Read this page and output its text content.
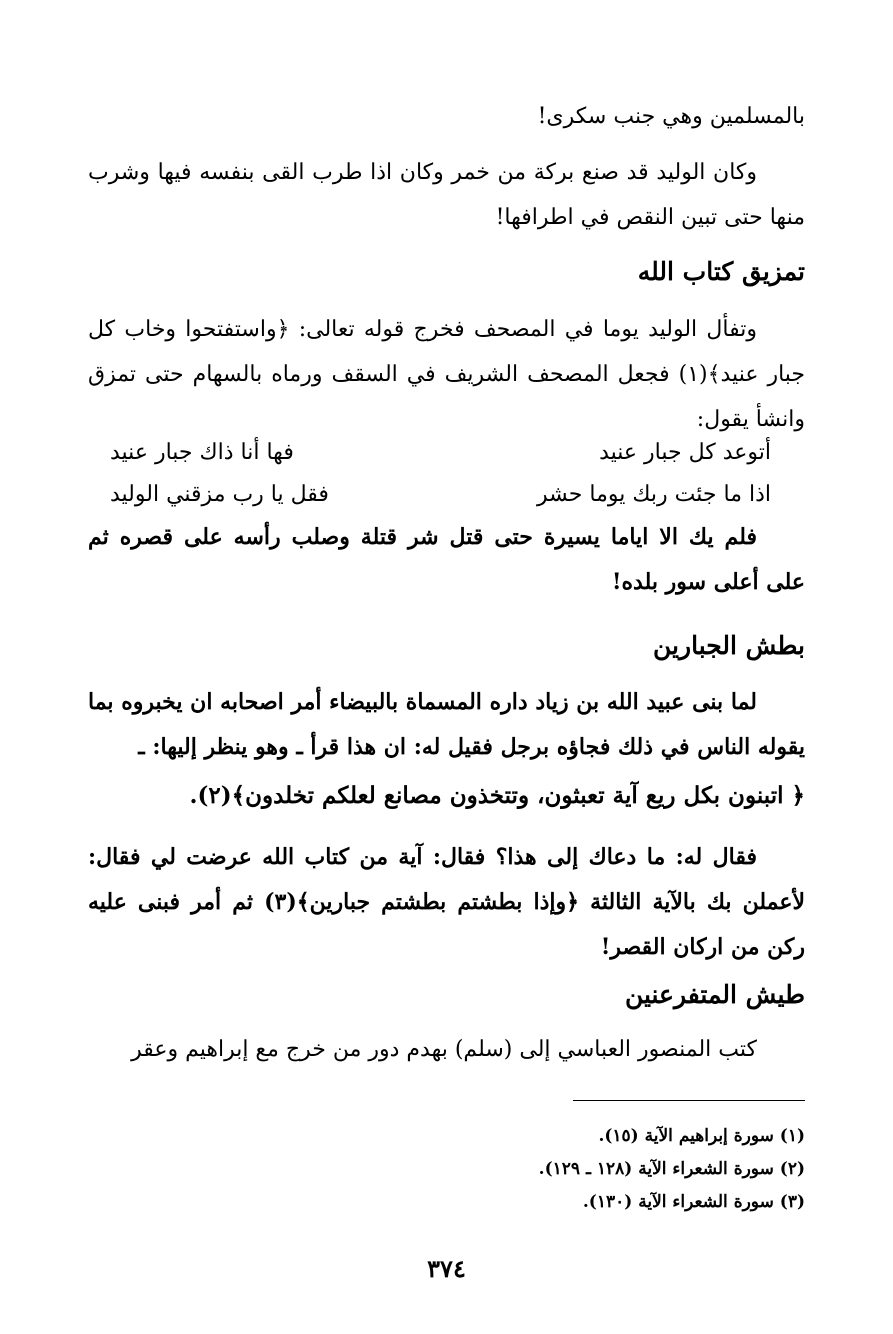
بالمسلمين وهي جنب سكرى!

وكان الوليد قد صنع بركة من خمر وكان اذا طرب القى بنفسه فيها وشرب منها حتى تبين النقص في اطرافها!

تمزيق كتاب الله

وتفأل الوليد يوما في المصحف فخرج قوله تعالى: ﴿واستفتحوا وخاب كل جبار عنيد﴾(١) فجعل المصحف الشريف في السقف ورماه بالسهام حتى تمزق وانشأ يقول:

أتوعد كل جبار عنيد
فها أنا ذاك جبار عنيد
اذا ما جئت ربك يوما حشر
فقل يا رب مزقني الوليد

فلم يك الا اياما يسيرة حتى قتل شر قتلة وصلب رأسه على قصره ثم على أعلى سور بلده!

بطش الجبارين

لما بنى عبيد الله بن زياد داره المسماة بالبيضاء أمر اصحابه ان يخبروه بما يقوله الناس في ذلك فجاؤه برجل فقيل له: ان هذا قرأ ـ وهو ينظر إليها: ـ

﴿ اتبنون بكل ريع آية تعبثون، وتتخذون مصانع لعلكم تخلدون﴾(٢).

فقال له: ما دعاك إلى هذا؟ فقال: آية من كتاب الله عرضت لي فقال: لأعملن بك بالآية الثالثة ﴿وإذا بطشتم بطشتم جبارين﴾(٣) ثم أمر فبنى عليه ركن من اركان القصر!

طيش المتفرعنين

كتب المنصور العباسي إلى (سلم) بهدم دور من خرج مع إبراهيم وعقر

(١) سورة إبراهيم الآية (١٥).
(٢) سورة الشعراء الآية (١٢٨ ـ ١٢٩).
(٣) سورة الشعراء الآية (١٣٠).
٣٧٤
